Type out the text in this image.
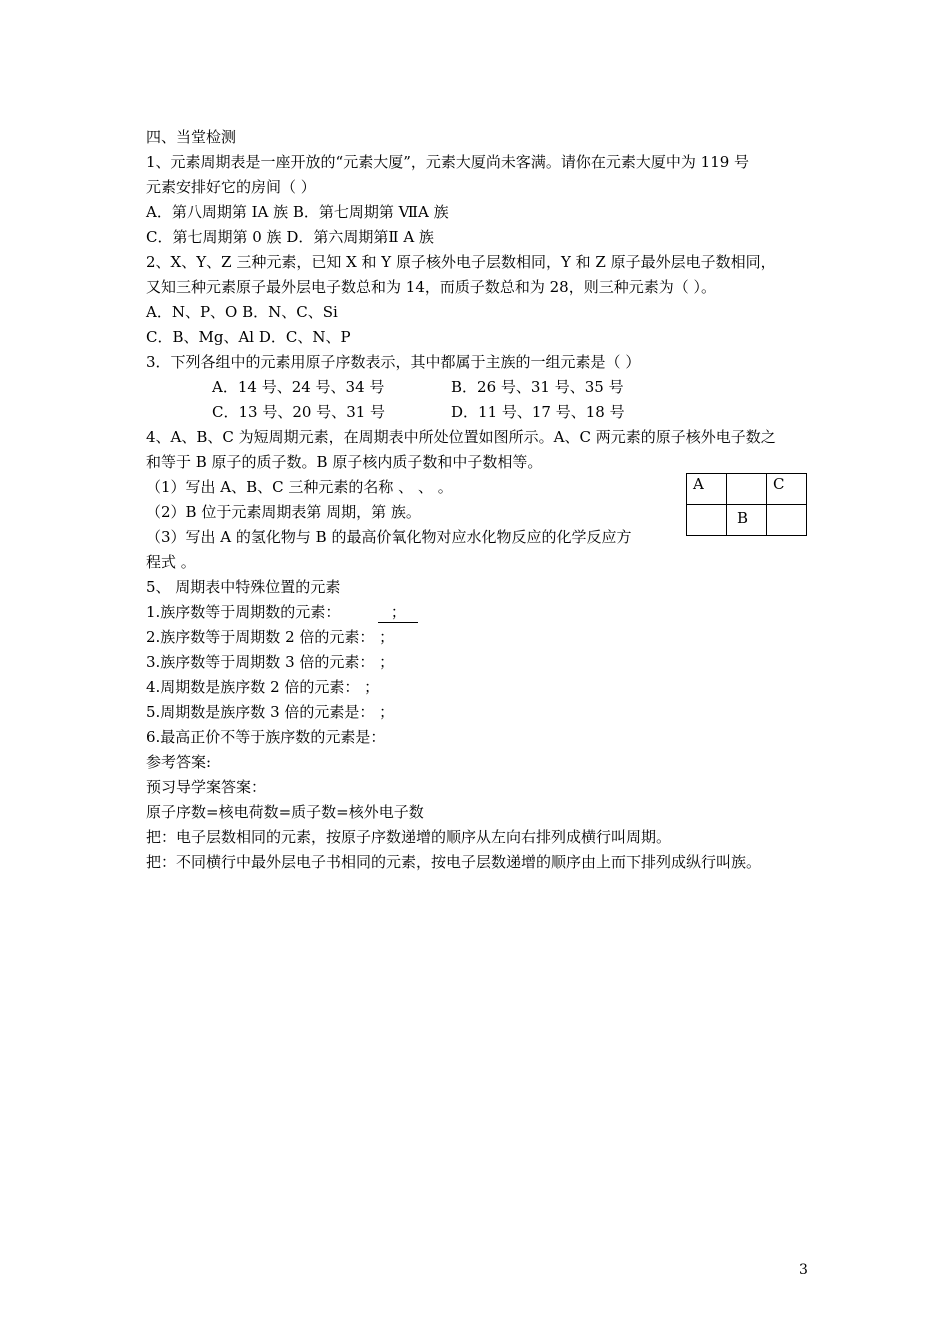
四、当堂检测
1、元素周期表是一座开放的“元素大厦”，元素大厦尚未客满。请你在元素大厦中为 119 号
元素安排好它的房间（ ）
A．第八周期第 IA 族 B．第七周期第 ⅦA 族
C．第七周期第 0 族 D．第六周期第Ⅱ A 族
2、X、Y、Z 三种元素，已知 X 和 Y 原子核外电子层数相同，Y 和 Z 原子最外层电子数相同，
又知三种元素原子最外层电子数总和为 14，而质子数总和为 28，则三种元素为（ ）。
A．N、P、O B．N、C、Si
C．B、Mg、Al D．C、N、P
3．下列各组中的元素用原子序数表示，其中都属于主族的一组元素是（ ）
A．14 号、24 号、34 号	B．26 号、31 号、35 号
C．13 号、20 号、31 号	D．11 号、17 号、18 号
4、A、B、C 为短周期元素，在周期表中所处位置如图所示。A、C 两元素的原子核外电子数之
和等于 B 原子的质子数。B 原子核内质子数和中子数相等。
（1）写出 A、B、C 三种元素的名称 、 、 。
（2）B 位于元素周期表第 周期，第 族。
（3）写出 A 的氢化物与 B 的最高价氧化物对应水化物反应的化学反应方
程式 。
A		C
	B	
5、 周期表中特殊位置的元素
1.族序数等于周期数的元素：	；
2.族序数等于周期数 2 倍的元素： ；
3.族序数等于周期数 3 倍的元素： ；
4.周期数是族序数 2 倍的元素： ；
5.周期数是族序数 3 倍的元素是： ；
6.最高正价不等于族序数的元素是：
参考答案:
预习导学案答案：
原子序数=核电荷数=质子数=核外电子数
把：电子层数相同的元素，按原子序数递增的顺序从左向右排列成横行叫周期。
把：不同横行中最外层电子书相同的元素，按电子层数递增的顺序由上而下排列成纵行叫族。
3
